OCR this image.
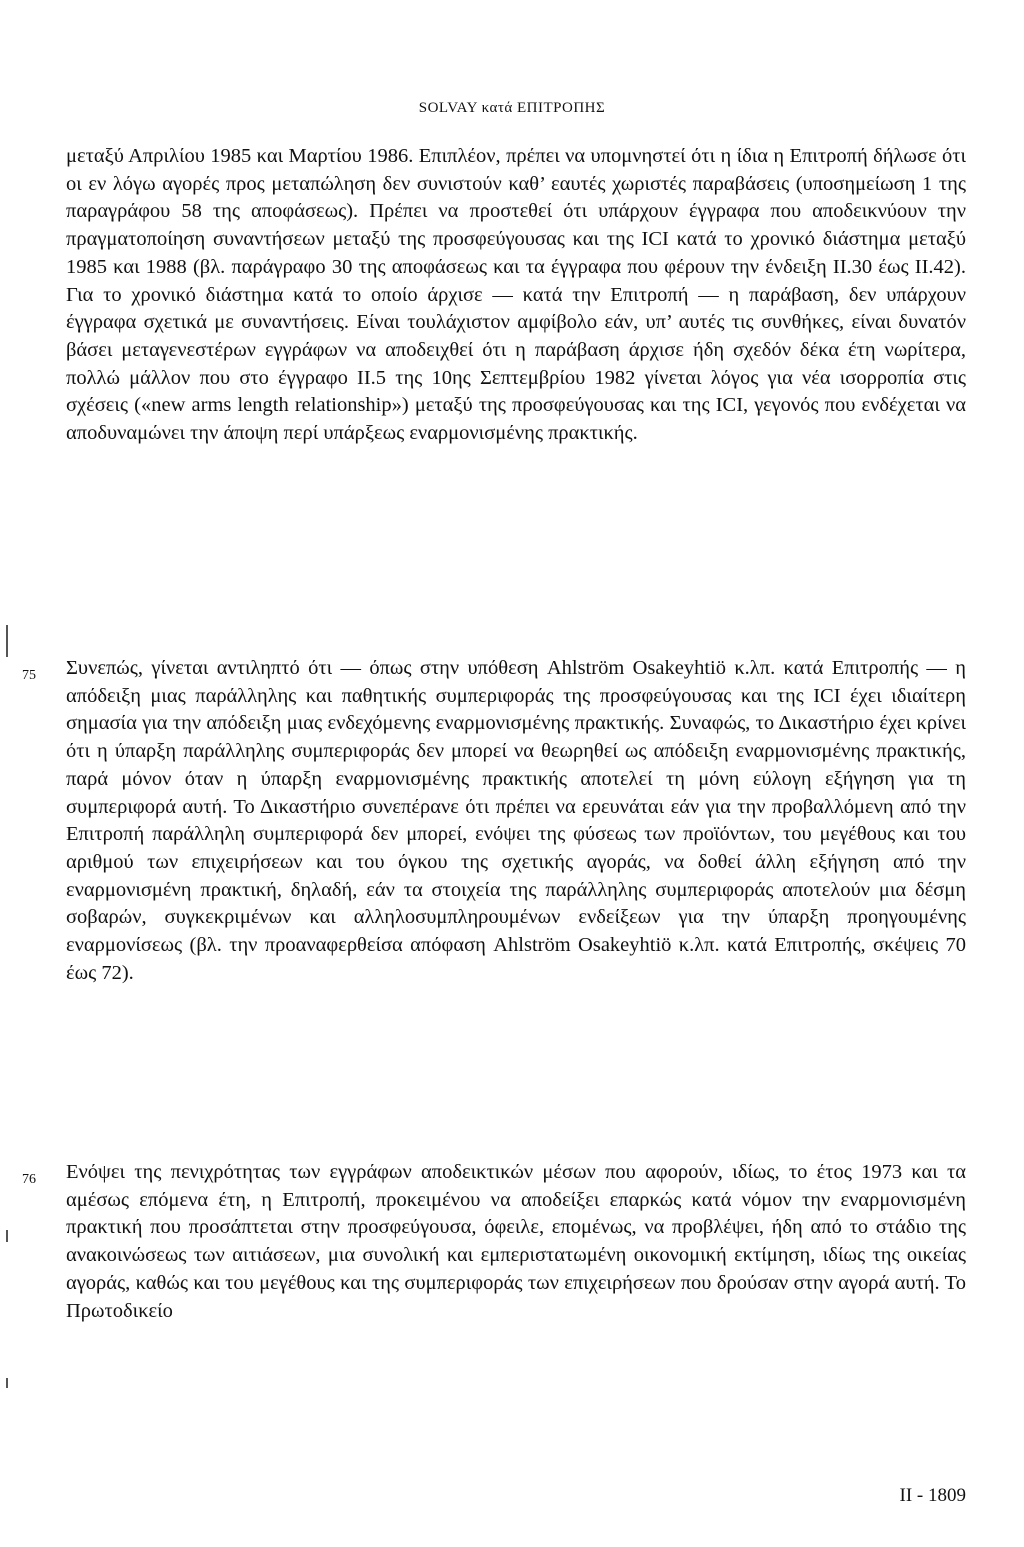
SOLVAY κατά ΕΠΙΤΡΟΠΗΣ

μεταξύ Απριλίου 1985 και Μαρτίου 1986. Επιπλέον, πρέπει να υπομνηστεί ότι η ίδια η Επιτροπή δήλωσε ότι οι εν λόγω αγορές προς μεταπώληση δεν συνιστούν καθ’ εαυτές χωριστές παραβάσεις (υποσημείωση 1 της παραγράφου 58 της αποφάσεως). Πρέπει να προστεθεί ότι υπάρχουν έγγραφα που αποδεικνύουν την πραγματοποίηση συναντήσεων μεταξύ της προσφεύγουσας και της ICI κατά το χρονικό διάστημα μεταξύ 1985 και 1988 (βλ. παράγραφο 30 της αποφάσεως και τα έγγραφα που φέρουν την ένδειξη II.30 έως II.42). Για το χρονικό διάστημα κατά το οποίο άρχισε — κατά την Επιτροπή — η παράβαση, δεν υπάρχουν έγγραφα σχετικά με συναντήσεις. Είναι τουλάχιστον αμφίβολο εάν, υπ’ αυτές τις συνθήκες, είναι δυνατόν βάσει μεταγενεστέρων εγγράφων να αποδειχθεί ότι η παράβαση άρχισε ήδη σχεδόν δέκα έτη νωρίτερα, πολλώ μάλλον που στο έγγραφο II.5 της 10ης Σεπτεμβρίου 1982 γίνεται λόγος για νέα ισορροπία στις σχέσεις («new arms length relationship») μεταξύ της προσφεύγουσας και της ICI, γεγονός που ενδέχεται να αποδυναμώνει την άποψη περί υπάρξεως εναρμονισμένης πρακτικής.

75 Συνεπώς, γίνεται αντιληπτό ότι — όπως στην υπόθεση Ahlström Osakeyhtiö κ.λπ. κατά Επιτροπής — η απόδειξη μιας παράλληλης και παθητικής συμπεριφοράς της προσφεύγουσας και της ICI έχει ιδιαίτερη σημασία για την απόδειξη μιας ενδεχόμενης εναρμονισμένης πρακτικής. Συναφώς, το Δικαστήριο έχει κρίνει ότι η ύπαρξη παράλληλης συμπεριφοράς δεν μπορεί να θεωρηθεί ως απόδειξη εναρμονισμένης πρακτικής, παρά μόνον όταν η ύπαρξη εναρμονισμένης πρακτικής αποτελεί τη μόνη εύλογη εξήγηση για τη συμπεριφορά αυτή. Το Δικαστήριο συνεπέρανε ότι πρέπει να ερευνάται εάν για την προβαλλόμενη από την Επιτροπή παράλληλη συμπεριφορά δεν μπορεί, ενόψει της φύσεως των προϊόντων, του μεγέθους και του αριθμού των επιχειρήσεων και του όγκου της σχετικής αγοράς, να δοθεί άλλη εξήγηση από την εναρμονισμένη πρακτική, δηλαδή, εάν τα στοιχεία της παράλληλης συμπεριφοράς αποτελούν μια δέσμη σοβαρών, συγκεκριμένων και αλληλοσυμπληρουμένων ενδείξεων για την ύπαρξη προηγουμένης εναρμονίσεως (βλ. την προαναφερθείσα απόφαση Ahlström Osakeyhtiö κ.λπ. κατά Επιτροπής, σκέψεις 70 έως 72).

76 Ενόψει της πενιχρότητας των εγγράφων αποδεικτικών μέσων που αφορούν, ιδίως, το έτος 1973 και τα αμέσως επόμενα έτη, η Επιτροπή, προκειμένου να αποδείξει επαρκώς κατά νόμον την εναρμονισμένη πρακτική που προσάπτεται στην προσφεύγουσα, όφειλε, επομένως, να προβλέψει, ήδη από το στάδιο της ανακοινώσεως των αιτιάσεων, μια συνολική και εμπεριστατωμένη οικονομική εκτίμηση, ιδίως της οικείας αγοράς, καθώς και του μεγέθους και της συμπεριφοράς των επιχειρήσεων που δρούσαν στην αγορά αυτή. Το Πρωτοδικείο

II - 1809
